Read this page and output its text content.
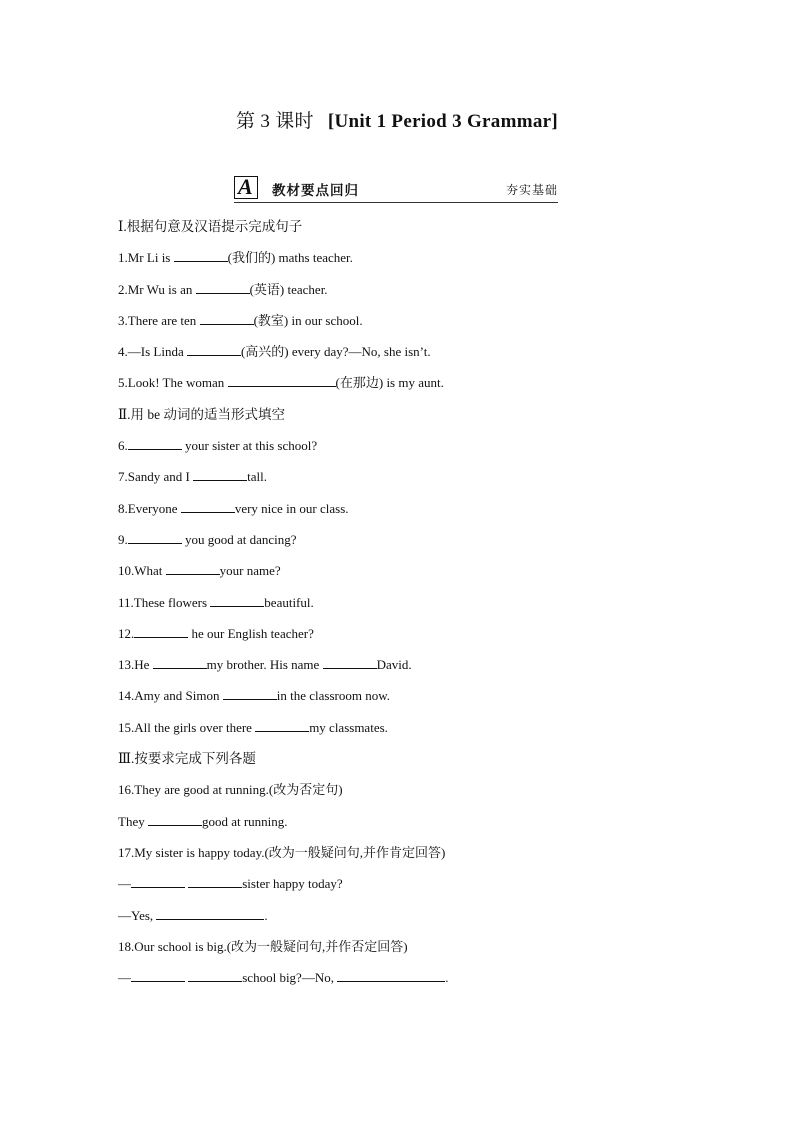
第 3 课时 [Unit 1 Period 3 Grammar]
A 教材要点回归	夯实基础
Ⅰ.根据句意及汉语提示完成句子
1.Mr Li is	(我们的) maths teacher.
2.Mr Wu is an	(英语) teacher.
3.There are ten	(教室) in our school.
4.—Is Linda	(高兴的) every day?—No, she isn’t.
5.Look! The woman	(在那边) is my aunt.
Ⅱ.用 be 动词的适当形式填空
6.	your sister at this school?
7.Sandy and I	tall.
8.Everyone	very nice in our class.
9.	you good at dancing?
10.What	your name?
11.These flowers	beautiful.
12.	he our English teacher?
13.He	my brother. His name	David.
14.Amy and Simon	in the classroom now.
15.All the girls over there	my classmates.
Ⅲ.按要求完成下列各题
16.They are good at running.(改为否定句)
They	good at running.
17.My sister is happy today.(改为一般疑问句,并作肯定回答)
—	sister happy today?
—Yes,	.
18.Our school is big.(改为一般疑问句,并作否定回答)
—	school big?—No,	.
